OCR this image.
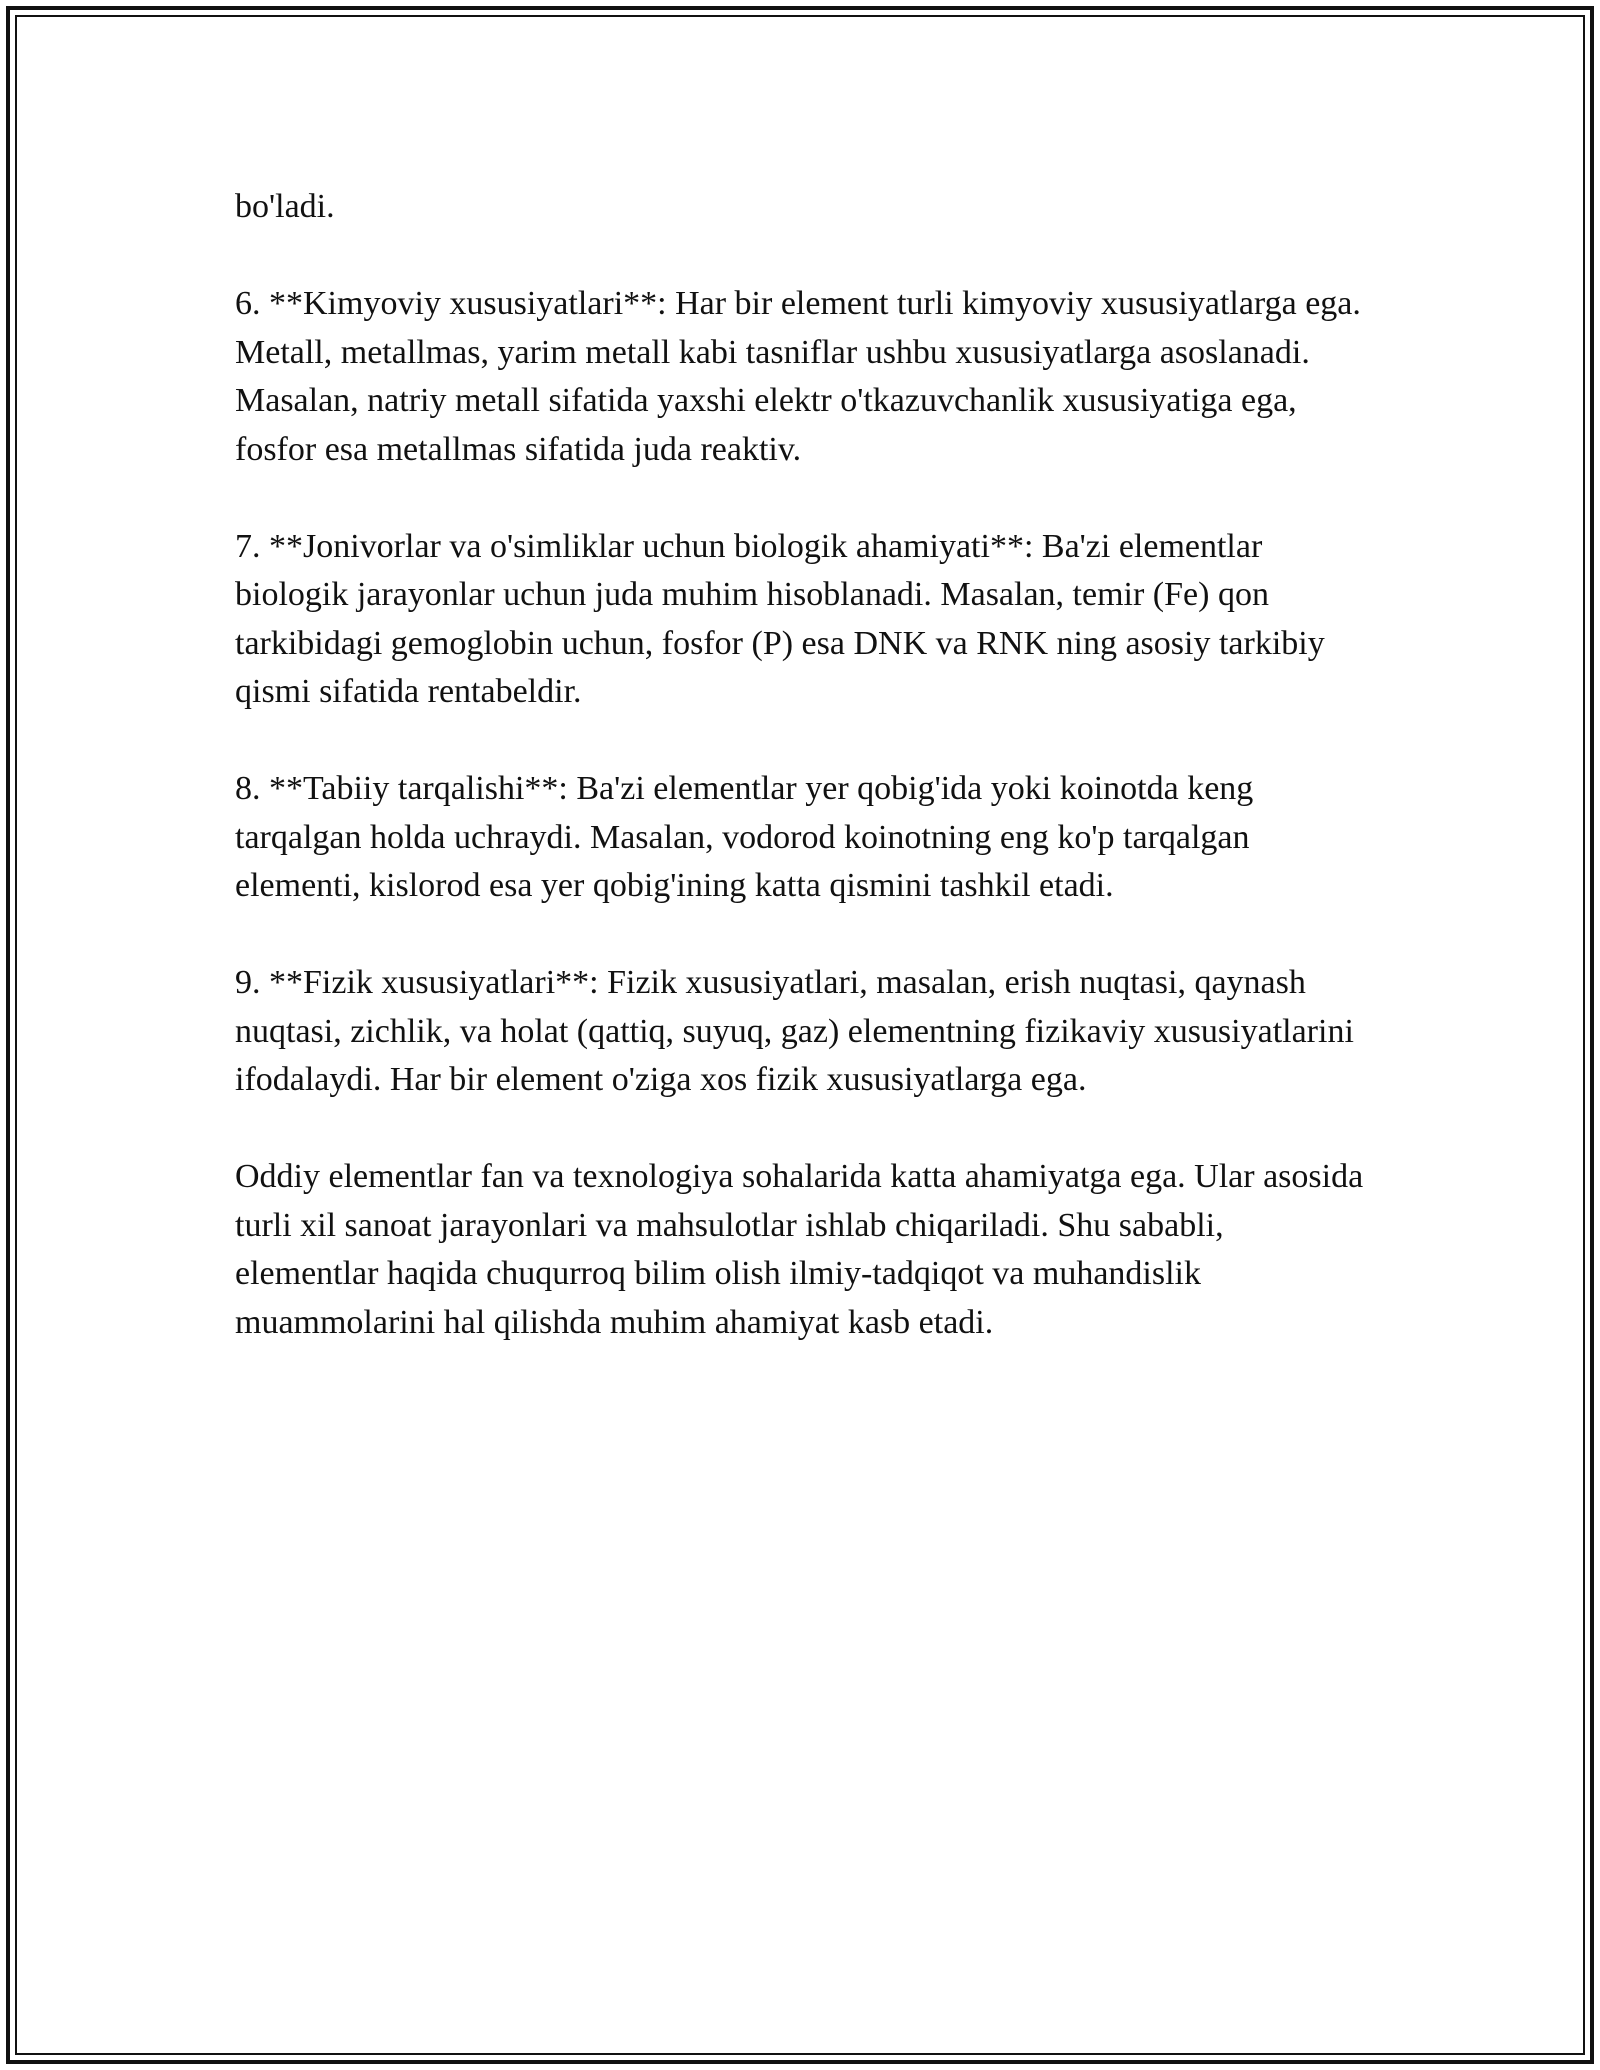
bo'ladi.

6. **Kimyoviy xususiyatlari**: Har bir element turli kimyoviy xususiyatlarga ega. Metall, metallmas, yarim metall kabi tasniflar ushbu xususiyatlarga asoslanadi. Masalan, natriy metall sifatida yaxshi elektr o'tkazuvchanlik xususiyatiga ega, fosfor esa metallmas sifatida juda reaktiv.

7. **Jonivorlar va o'simliklar uchun biologik ahamiyati**: Ba'zi elementlar biologik jarayonlar uchun juda muhim hisoblanadi. Masalan, temir (Fe) qon tarkibidagi gemoglobin uchun, fosfor (P) esa DNK va RNK ning asosiy tarkibiy qismi sifatida rentabeldir.

8. **Tabiiy tarqalishi**: Ba'zi elementlar yer qobig'ida yoki koinotda keng tarqalgan holda uchraydi. Masalan, vodorod koinotning eng ko'p tarqalgan elementi, kislorod esa yer qobig'ining katta qismini tashkil etadi.

9. **Fizik xususiyatlari**: Fizik xususiyatlari, masalan, erish nuqtasi, qaynash nuqtasi, zichlik, va holat (qattiq, suyuq, gaz) elementning fizikaviy xususiyatlarini ifodalaydi. Har bir element o'ziga xos fizik xususiyatlarga ega.

Oddiy elementlar fan va texnologiya sohalarida katta ahamiyatga ega. Ular asosida turli xil sanoat jarayonlari va mahsulotlar ishlab chiqariladi. Shu sababli, elementlar haqida chuqurroq bilim olish ilmiy-tadqiqot va muhandislik muammolarini hal qilishda muhim ahamiyat kasb etadi.
